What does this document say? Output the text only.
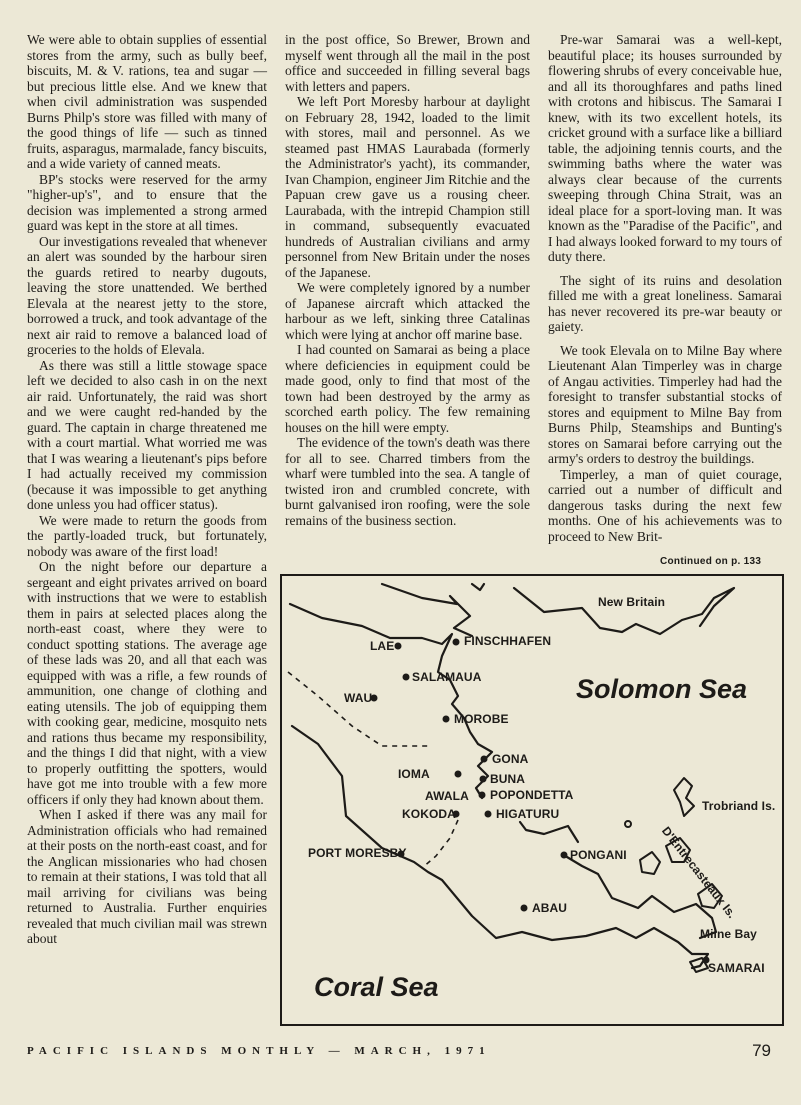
We were able to obtain supplies of essential stores from the army, such as bully beef, biscuits, M. & V. rations, tea and sugar — but precious little else. And we knew that when civil administration was suspended Burns Philp's store was filled with many of the good things of life — such as tinned fruits, asparagus, marmalade, fancy biscuits, and a wide variety of canned meats.

BP's stocks were reserved for the army "higher-up's", and to ensure that the decision was implemented a strong armed guard was kept in the store at all times.

Our investigations revealed that whenever an alert was sounded by the harbour siren the guards retired to nearby dugouts, leaving the store unattended. We berthed Elevala at the nearest jetty to the store, borrowed a truck, and took advantage of the next air raid to remove a balanced load of groceries to the holds of Elevala.

As there was still a little stowage space left we decided to also cash in on the next air raid. Unfortunately, the raid was short and we were caught red-handed by the guard. The captain in charge threatened me with a court martial. What worried me was that I was wearing a lieutenant's pips before I had actually received my commission (because it was impossible to get anything done unless you had officer status).

We were made to return the goods from the partly-loaded truck, but fortunately, nobody was aware of the first load!

On the night before our departure a sergeant and eight privates arrived on board with instructions that we were to establish them in pairs at selected places along the north-east coast, where they were to conduct spotting stations. The average age of these lads was 20, and all that each was equipped with was a rifle, a few rounds of ammunition, one change of clothing and eating utensils. The job of equipping them with cooking gear, medicine, mosquito nets and rations thus became my responsibility, and the things I did that night, with a view to properly outfitting the spotters, would have got me into trouble with a few more officers if only they had known about them.

When I asked if there was any mail for Administration officials who had remained at their posts on the north-east coast, and for the Anglican missionaries who had chosen to remain at their stations, I was told that all mail arriving for civilians was being returned to Australia. Further enquiries revealed that much civilian mail was strewn about

in the post office, So Brewer, Brown and myself went through all the mail in the post office and succeeded in filling several bags with letters and papers.

We left Port Moresby harbour at daylight on February 28, 1942, loaded to the limit with stores, mail and personnel. As we steamed past HMAS Laurabada (formerly the Administrator's yacht), its commander, Ivan Champion, engineer Jim Ritchie and the Papuan crew gave us a rousing cheer. Laurabada, with the intrepid Champion still in command, subsequently evacuated hundreds of Australian civilians and army personnel from New Britain under the noses of the Japanese.

We were completely ignored by a number of Japanese aircraft which attacked the harbour as we left, sinking three Catalinas which were lying at anchor off marine base.

I had counted on Samarai as being a place where deficiencies in equipment could be made good, only to find that most of the town had been destroyed by the army as scorched earth policy. The few remaining houses on the hill were empty.

The evidence of the town's death was there for all to see. Charred timbers from the wharf were tumbled into the sea. A tangle of twisted iron and crumbled concrete, with burnt galvanised iron roofing, were the sole remains of the business section.

Pre-war Samarai was a well-kept, beautiful place; its houses surrounded by flowering shrubs of every conceivable hue, and all its thoroughfares and paths lined with crotons and hibiscus. The Samarai I knew, with its two excellent hotels, its cricket ground with a surface like a billiard table, the adjoining tennis courts, and the swimming baths where the water was always clear because of the currents sweeping through China Strait, was an ideal place for a sport-loving man. It was known as the "Paradise of the Pacific", and I had always looked forward to my tours of duty there.

The sight of its ruins and desolation filled me with a great loneliness. Samarai has never recovered its pre-war beauty or gaiety.

We took Elevala on to Milne Bay where Lieutenant Alan Timperley was in charge of Angau activities. Timperley had had the foresight to transfer substantial stocks of stores and equipment to Milne Bay from Burns Philp, Steamships and Bunting's stores on Samarai before carrying out the army's orders to destroy the buildings.

Timperley, a man of quiet courage, carried out a number of difficult and dangerous tasks during the next few months. One of his achievements was to proceed to New Brit-

Continued on p. 133
New Britain
LAE	FINSCHHAFEN
SALAMAUA
WAU	Solomon Sea
MOROBE
GONA
IOMA	BUNA
AWALA POPONDETTA
KOKODA	HIGATURU
Trobriand Is.
D'Entrecasteaux Is.
PORT MORESBY	PONGANI
ABAU
Milne Bay
SAMARAI
Coral Sea
PACIFIC ISLANDS MONTHLY — MARCH, 1971	79
